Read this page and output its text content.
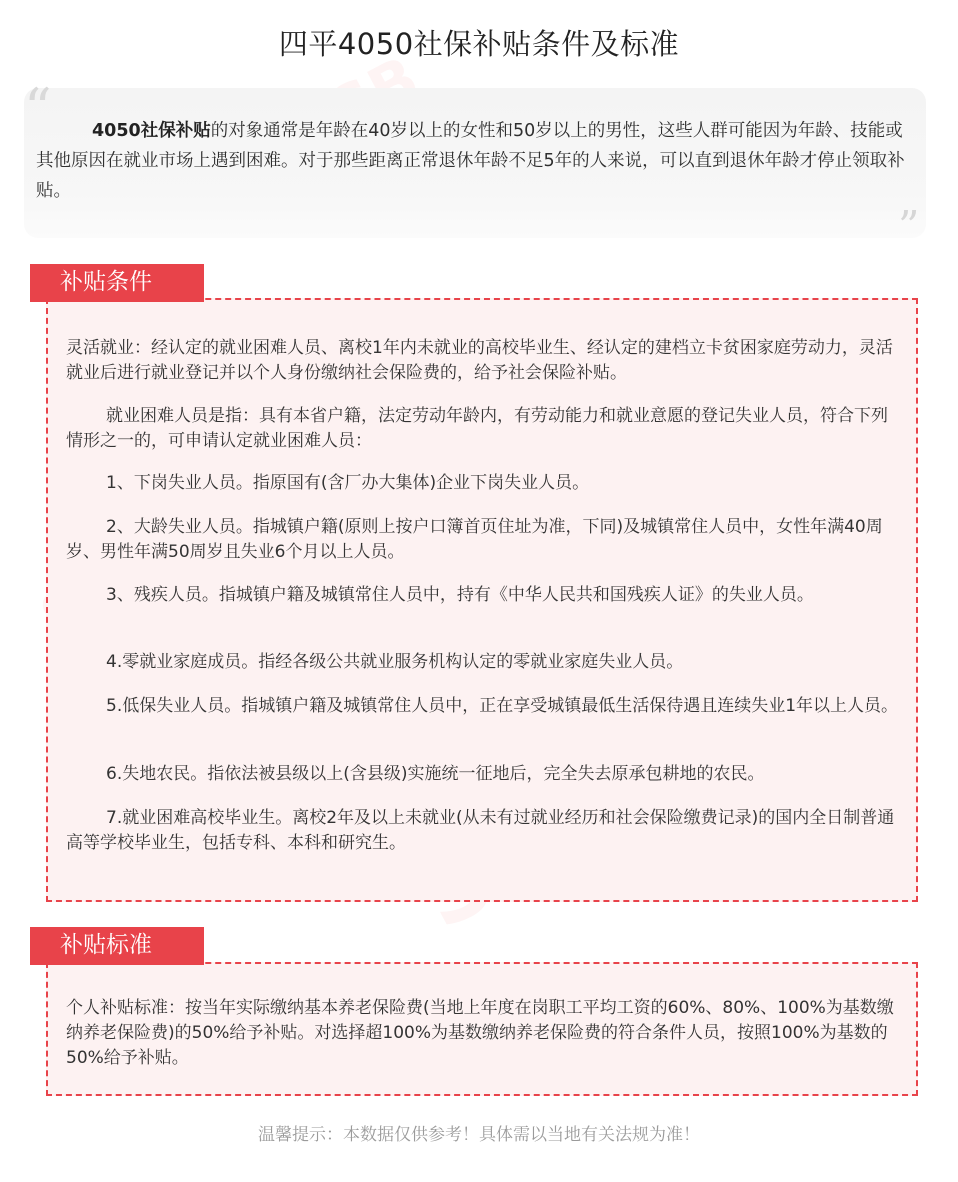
四平4050社保补贴条件及标准
“
”
4050社保补贴的对象通常是年龄在40岁以上的女性和50岁以上的男性，这些人群可能因为年龄、技能或其他原因在就业市场上遇到困难。对于那些距离正常退休年龄不足5年的人来说，可以直到退休年龄才停止领取补贴。
补贴条件
灵活就业：经认定的就业困难人员、离校1年内未就业的高校毕业生、经认定的建档立卡贫困家庭劳动力，灵活就业后进行就业登记并以个人身份缴纳社会保险费的，给予社会保险补贴。
就业困难人员是指：具有本省户籍，法定劳动年龄内，有劳动能力和就业意愿的登记失业人员，符合下列情形之一的，可申请认定就业困难人员：
1、下岗失业人员。指原国有(含厂办大集体)企业下岗失业人员。
2、大龄失业人员。指城镇户籍(原则上按户口簿首页住址为准，下同)及城镇常住人员中，女性年满40周岁、男性年满50周岁且失业6个月以上人员。
3、残疾人员。指城镇户籍及城镇常住人员中，持有《中华人民共和国残疾人证》的失业人员。
4.零就业家庭成员。指经各级公共就业服务机构认定的零就业家庭失业人员。
5.低保失业人员。指城镇户籍及城镇常住人员中，正在享受城镇最低生活保待遇且连续失业1年以上人员。
6.失地农民。指依法被县级以上(含县级)实施统一征地后，完全失去原承包耕地的农民。
7.就业困难高校毕业生。离校2年及以上未就业(从未有过就业经历和社会保险缴费记录)的国内全日制普通高等学校毕业生，包括专科、本科和研究生。
补贴标准
个人补贴标准：按当年实际缴纳基本养老保险费(当地上年度在岗职工平均工资的60%、80%、100%为基数缴纳养老保险费)的50%给予补贴。对选择超100%为基数缴纳养老保险费的符合条件人员，按照100%为基数的50%给予补贴。
温馨提示：本数据仅供参考！具体需以当地有关法规为准！
